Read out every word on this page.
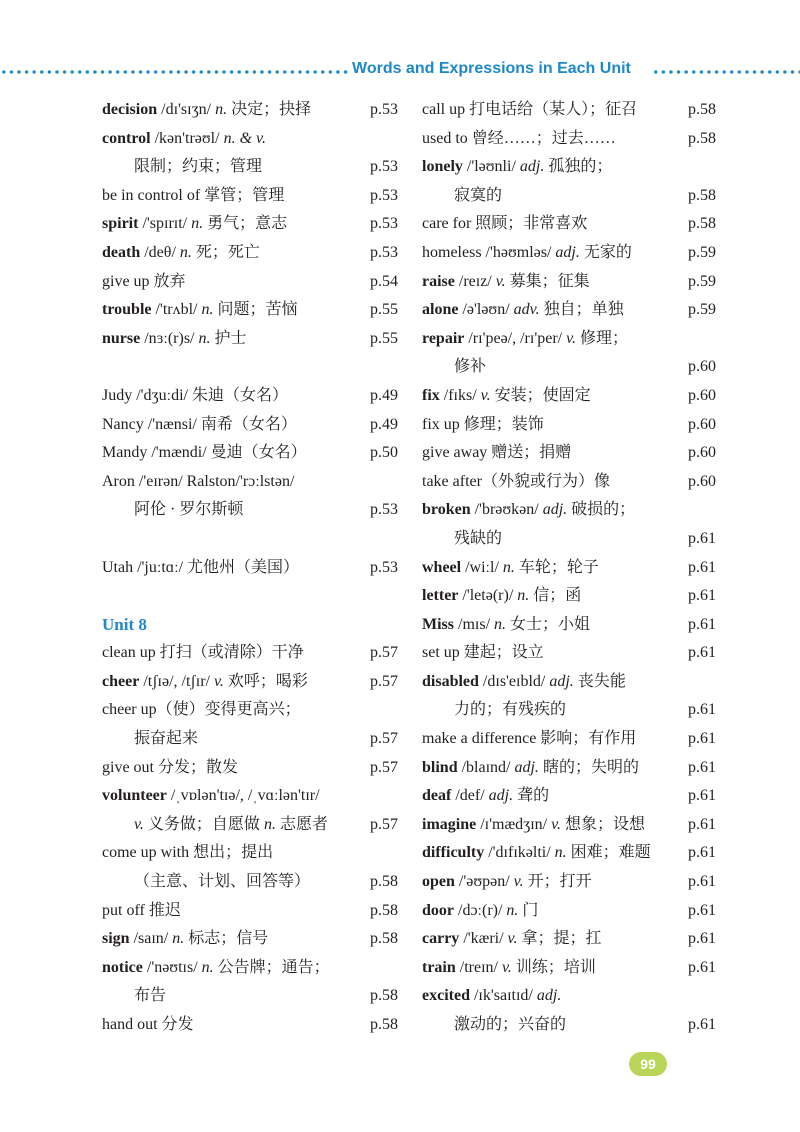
Words and Expressions in Each Unit
decision /dɪ'sɪʒn/ n. 决定；抉择	p.53
control /kən'trəʊl/ n. & v.
限制；约束；管理	p.53
be in control of 掌管；管理	p.53
spirit /'spɪrɪt/ n. 勇气；意志	p.53
death /deθ/ n. 死；死亡	p.53
give up 放弃	p.54
trouble /'trʌbl/ n. 问题；苦恼	p.55
nurse /nɜː(r)s/ n. 护士	p.55
Judy /'dʒuːdi/ 朱迪（女名）	p.49
Nancy /'nænsi/ 南希（女名）	p.49
Mandy /'mændi/ 曼迪（女名）	p.50
Aron /'eɪrən/ Ralston/'rɔːlstən/
阿伦 · 罗尔斯顿	p.53
Utah /'juːtɑː/ 尤他州（美国）	p.53
Unit 8
clean up 打扫（或清除）干净	p.57
cheer /tʃɪə/, /tʃɪr/ v. 欢呼；喝彩	p.57
cheer up（使）变得更高兴；
振奋起来	p.57
give out 分发；散发	p.57
volunteer /ˌvɒlən'tɪə/, /ˌvɑːlən'tɪr/
v. 义务做；自愿做 n. 志愿者	p.57
come up with 想出；提出
（主意、计划、回答等）	p.58
put off 推迟	p.58
sign /saɪn/ n. 标志；信号	p.58
notice /'nəʊtɪs/ n. 公告牌；通告；
布告	p.58
hand out 分发	p.58
call up 打电话给（某人）；征召	p.58
used to 曾经……；过去……	p.58
lonely /'ləʊnli/ adj. 孤独的；
寂寞的	p.58
care for 照顾；非常喜欢	p.58
homeless /'həʊmləs/ adj. 无家的	p.59
raise /reɪz/ v. 募集；征集	p.59
alone /ə'ləʊn/ adv. 独自；单独	p.59
repair /rɪ'peə/, /rɪ'per/ v. 修理；
修补	p.60
fix /fɪks/ v. 安装；使固定	p.60
fix up 修理；装饰	p.60
give away 赠送；捐赠	p.60
take after（外貌或行为）像	p.60
broken /'brəʊkən/ adj. 破损的；
残缺的	p.61
wheel /wiːl/ n. 车轮；轮子	p.61
letter /'letə(r)/ n. 信；函	p.61
Miss /mɪs/ n. 女士；小姐	p.61
set up 建起；设立	p.61
disabled /dɪs'eɪbld/ adj. 丧失能
力的；有残疾的	p.61
make a difference 影响；有作用	p.61
blind /blaɪnd/ adj. 瞎的；失明的	p.61
deaf /def/ adj. 聋的	p.61
imagine /ɪ'mædʒɪn/ v. 想象；设想	p.61
difficulty /'dɪfɪkəlti/ n. 困难；难题 p.61
open /'əʊpən/ v. 开；打开	p.61
door /dɔː(r)/ n. 门	p.61
carry /'kæri/ v. 拿；提；扛	p.61
train /treɪn/ v. 训练；培训	p.61
excited /ɪk'saɪtɪd/ adj.
激动的；兴奋的	p.61
99
